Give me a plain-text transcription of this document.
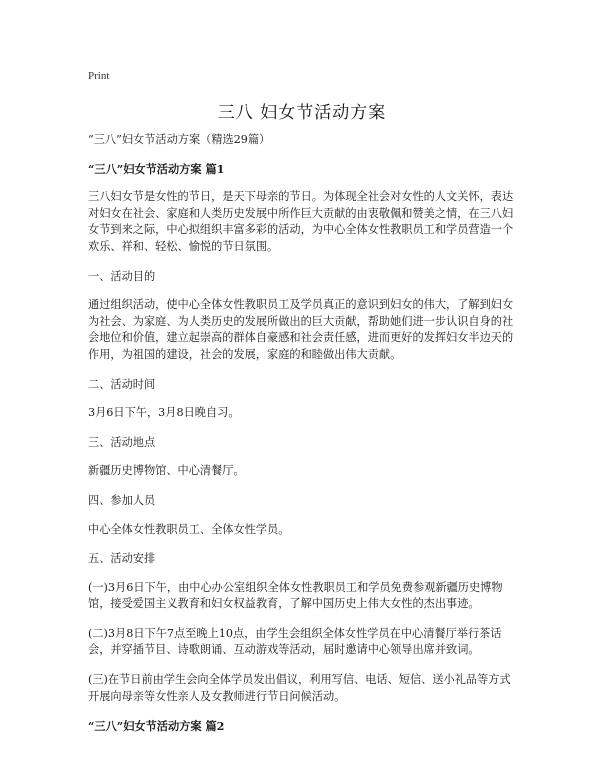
Print
三八 妇女节活动方案

“三八”妇女节活动方案（精选29篇）

“三八”妇女节活动方案 篇1

三八妇女节是女性的节日，是天下母亲的节日。为体现全社会对女性的人文关怀，表达对妇女在社会、家庭和人类历史发展中所作巨大贡献的由衷敬佩和赞美之情，在三八妇女节到来之际，中心拟组织丰富多彩的活动，为中心全体女性教职员工和学员营造一个欢乐、祥和、轻松、愉悦的节日氛围。

一、活动目的

通过组织活动，使中心全体女性教职员工及学员真正的意识到妇女的伟大，了解到妇女为社会、为家庭、为人类历史的发展所做出的巨大贡献，帮助她们进一步认识自身的社会地位和价值，建立起崇高的群体自豪感和社会责任感，进而更好的发挥妇女半边天的作用，为祖国的建设，社会的发展，家庭的和睦做出伟大贡献。

二、活动时间

3月6日下午，3月8日晚自习。

三、活动地点

新疆历史博物馆、中心清餐厅。

四、参加人员

中心全体女性教职员工、全体女性学员。

五、活动安排

(一)3月6日下午，由中心办公室组织全体女性教职员工和学员免费参观新疆历史博物馆，接受爱国主义教育和妇女权益教育，了解中国历史上伟大女性的杰出事迹。

(二)3月8日下午7点至晚上10点，由学生会组织全体女性学员在中心清餐厅举行茶话会，并穿插节目、诗歌朗诵、互动游戏等活动，届时邀请中心领导出席并致词。

(三)在节日前由学生会向全体学员发出倡议，利用写信、电话、短信、送小礼品等方式开展向母亲等女性亲人及女教师进行节日问候活动。

“三八”妇女节活动方案 篇2
